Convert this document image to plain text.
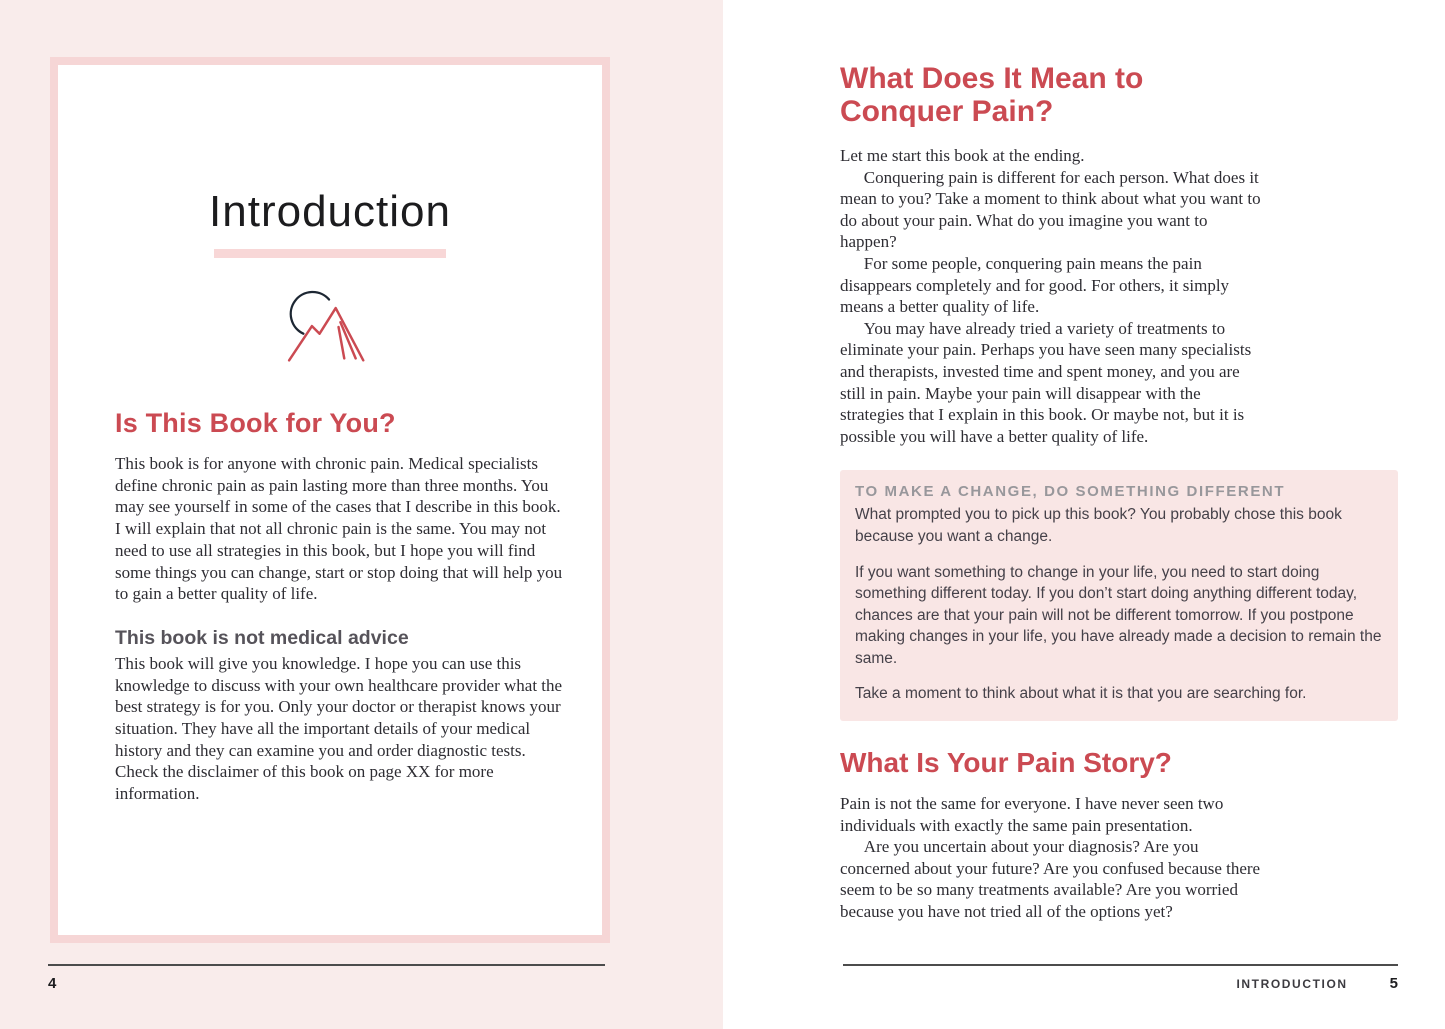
Introduction
Is This Book for You?

This book is for anyone with chronic pain. Medical specialists define chronic pain as pain lasting more than three months. You may see yourself in some of the cases that I describe in this book. I will explain that not all chronic pain is the same. You may not need to use all strategies in this book, but I hope you will find some things you can change, start or stop doing that will help you to gain a better quality of life.

This book is not medical advice

This book will give you knowledge. I hope you can use this knowledge to discuss with your own healthcare provider what the best strategy is for you. Only your doctor or therapist knows your situation. They have all the important details of your medical history and they can examine you and order diagnostic tests. Check the disclaimer of this book on page XX for more information.

4
What Does It Mean to
Conquer Pain?

Let me start this book at the ending.

Conquering pain is different for each person. What does it mean to you? Take a moment to think about what you want to do about your pain. What do you imagine you want to happen?

For some people, conquering pain means the pain disappears completely and for good. For others, it simply means a better quality of life.

You may have already tried a variety of treatments to eliminate your pain. Perhaps you have seen many specialists and therapists, invested time and spent money, and you are still in pain. Maybe your pain will disappear with the strategies that I explain in this book. Or maybe not, but it is possible you will have a better quality of life.

TO MAKE A CHANGE, DO SOMETHING DIFFERENT

What prompted you to pick up this book? You probably chose this book because you want a change.

If you want something to change in your life, you need to start doing something different today. If you don’t start doing anything different today, chances are that your pain will not be different tomorrow. If you postpone making changes in your life, you have already made a decision to remain the same.

Take a moment to think about what it is that you are searching for.

What Is Your Pain Story?

Pain is not the same for everyone. I have never seen two individuals with exactly the same pain presentation.

Are you uncertain about your diagnosis? Are you concerned about your future? Are you confused because there seem to be so many treatments available? Are you worried because you have not tried all of the options yet?

INTRODUCTION	5
